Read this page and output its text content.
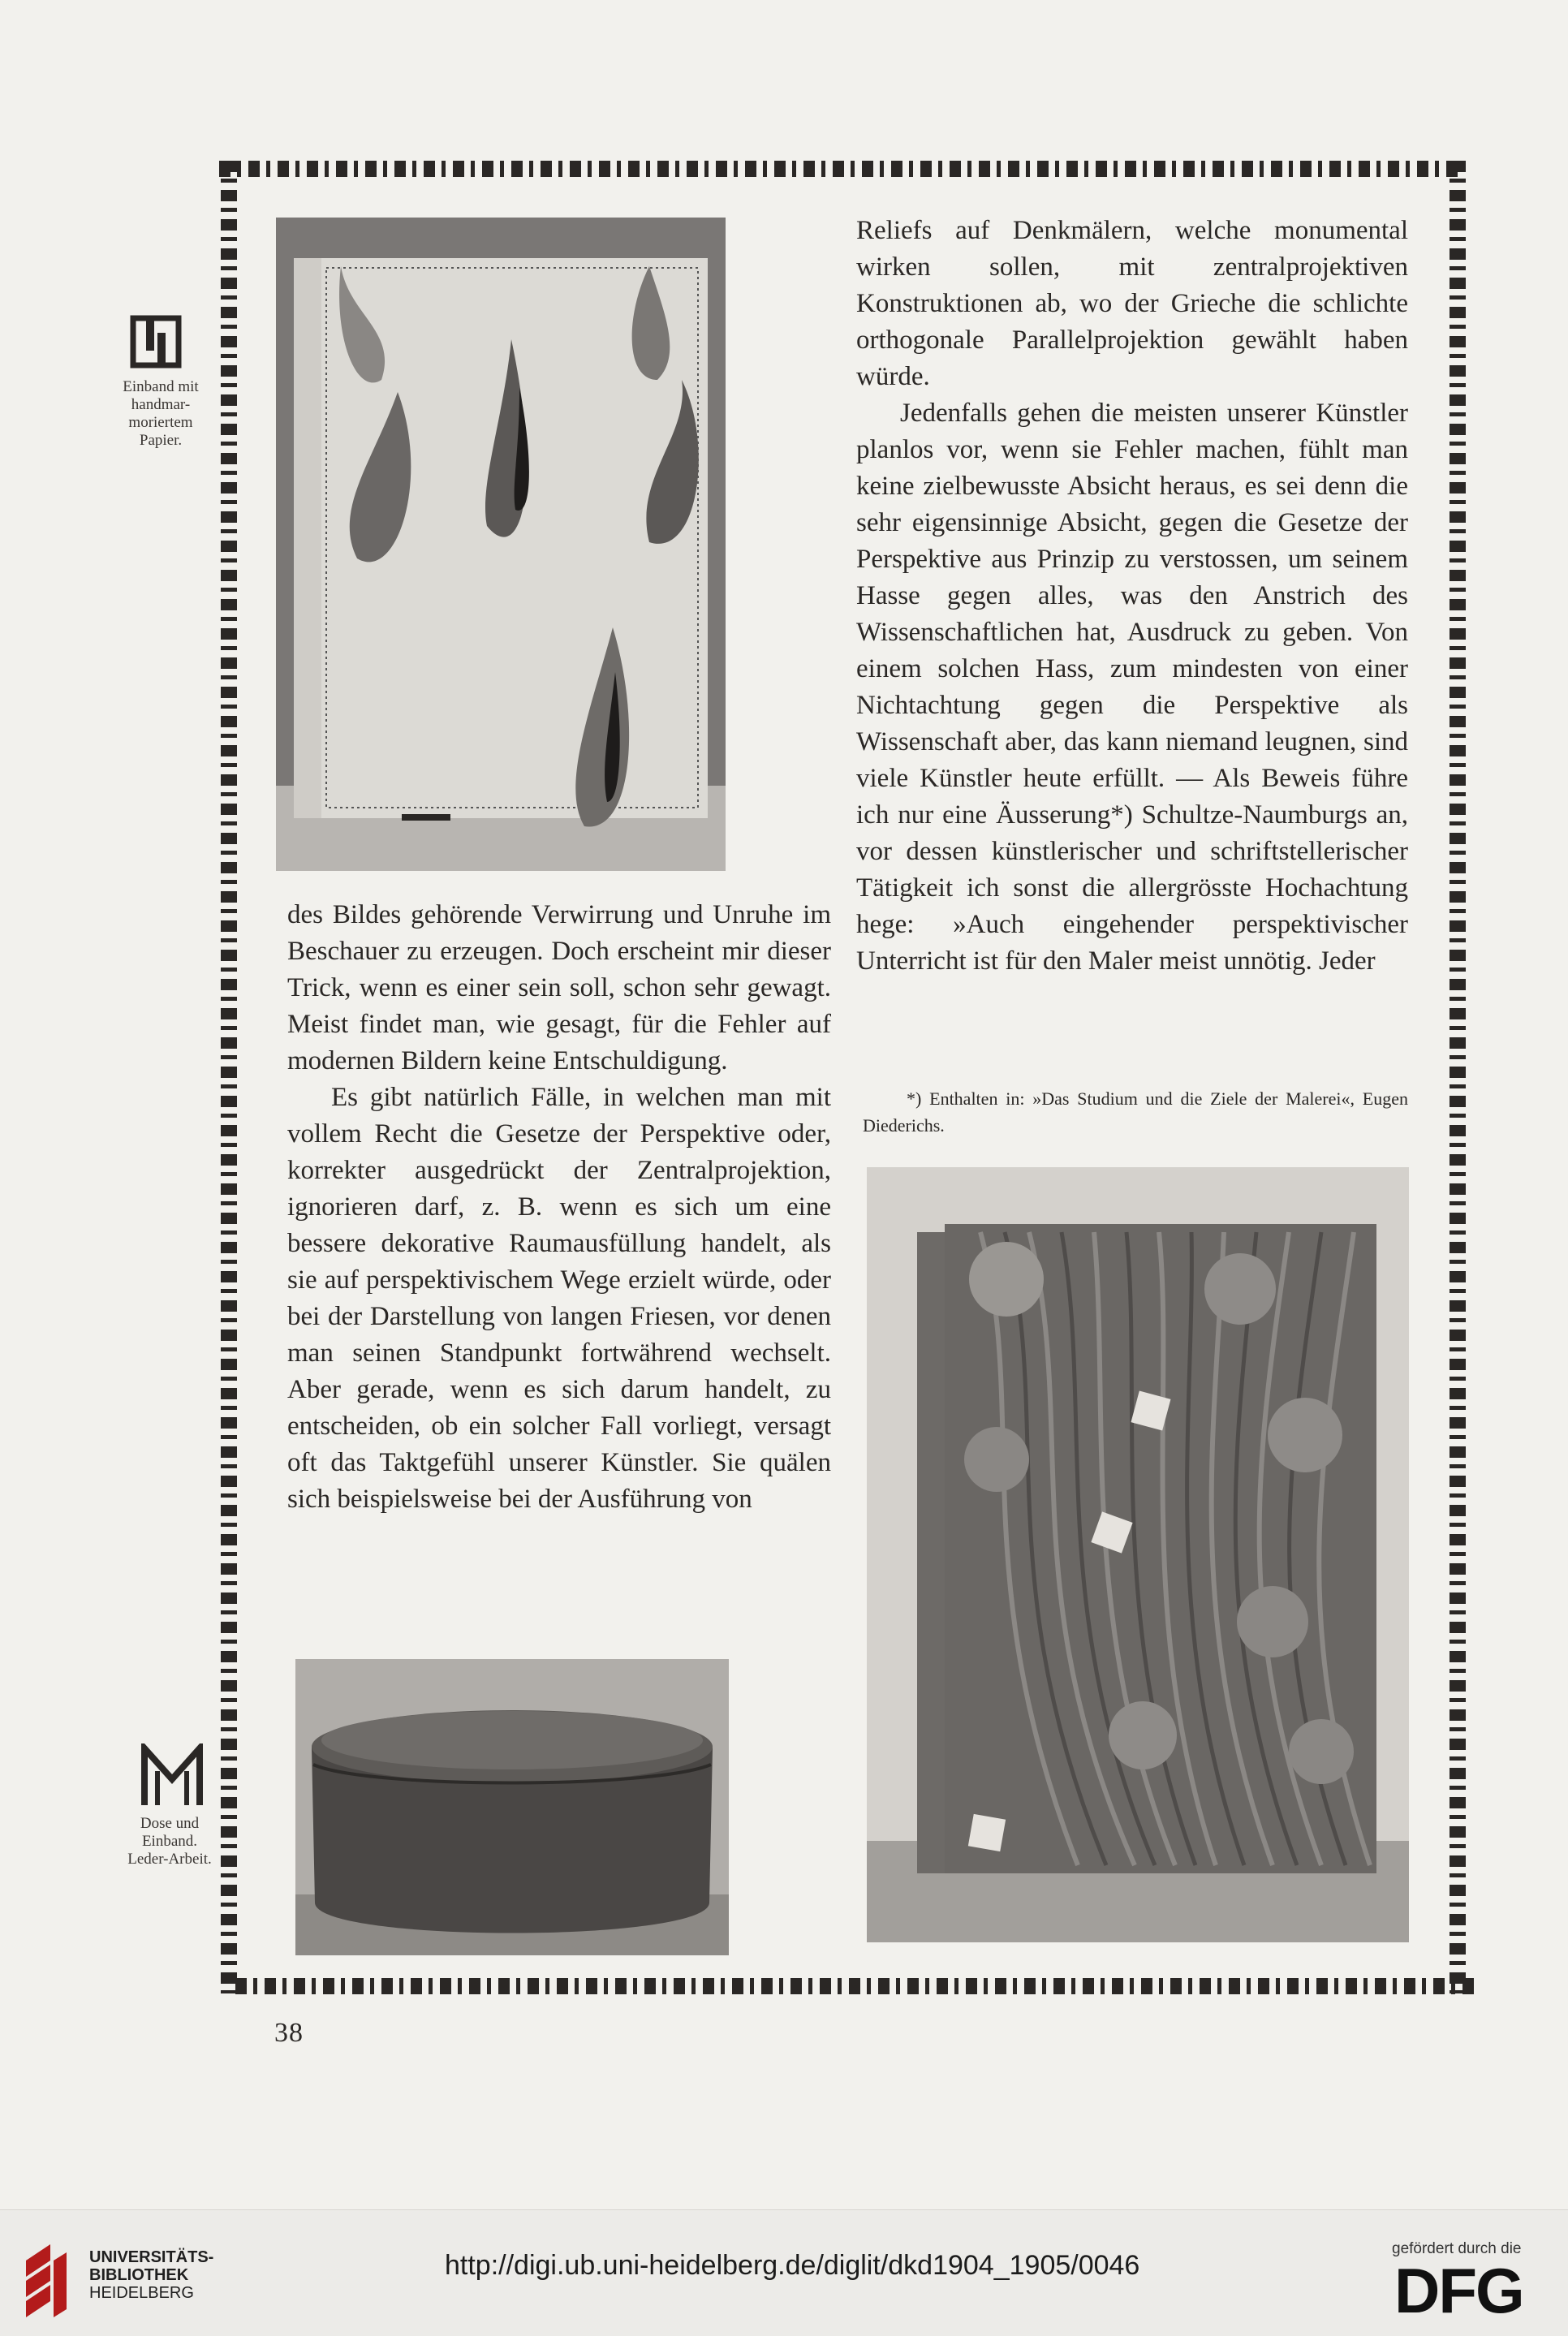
Einband mit
handmar-
moriertem
Papier.
Dose und
Einband.
Leder-Arbeit.

Reliefs auf Denkmälern, welche monumental wirken sollen, mit zentralprojektiven Konstruktionen ab, wo der Grieche die schlichte orthogonale Parallelprojektion gewählt haben würde.

Jedenfalls gehen die meisten unserer Künstler planlos vor, wenn sie Fehler machen, fühlt man keine zielbewusste Absicht heraus, es sei denn die sehr eigensinnige Absicht, gegen die Gesetze der Perspektive aus Prinzip zu verstossen, um seinem Hasse gegen alles, was den Anstrich des Wissenschaftlichen hat, Ausdruck zu geben. Von einem solchen Hass, zum mindesten von einer Nichtachtung gegen die Perspektive als Wissenschaft aber, das kann niemand leugnen, sind viele Künstler heute erfüllt. — Als Beweis führe ich nur eine Äusserung*) Schultze-Naumburgs an, vor dessen künstlerischer und schriftstellerischer Tätigkeit ich sonst die allergrösste Hochachtung hege: »Auch eingehender perspektivischer Unterricht ist für den Maler meist unnötig. Jeder

*) Enthalten in: »Das Studium und die Ziele der Malerei«, Eugen Diederichs.

des Bildes gehörende Verwirrung und Unruhe im Beschauer zu erzeugen. Doch erscheint mir dieser Trick, wenn es einer sein soll, schon sehr gewagt. Meist findet man, wie gesagt, für die Fehler auf modernen Bildern keine Entschuldigung.

Es gibt natürlich Fälle, in welchen man mit vollem Recht die Gesetze der Perspektive oder, korrekter ausgedrückt der Zentralprojektion, ignorieren darf, z. B. wenn es sich um eine bessere dekorative Raumausfüllung handelt, als sie auf perspektivischem Wege erzielt würde, oder bei der Darstellung von langen Friesen, vor denen man seinen Standpunkt fortwährend wechselt. Aber gerade, wenn es sich darum handelt, zu entscheiden, ob ein solcher Fall vorliegt, versagt oft das Taktgefühl unserer Künstler. Sie quälen sich beispielsweise bei der Ausführung von

38
UNIVERSITÄTS-
BIBLIOTHEK
HEIDELBERG
http://digi.ub.uni-heidelberg.de/diglit/dkd1904_1905/0046
gefördert durch die
DFG
